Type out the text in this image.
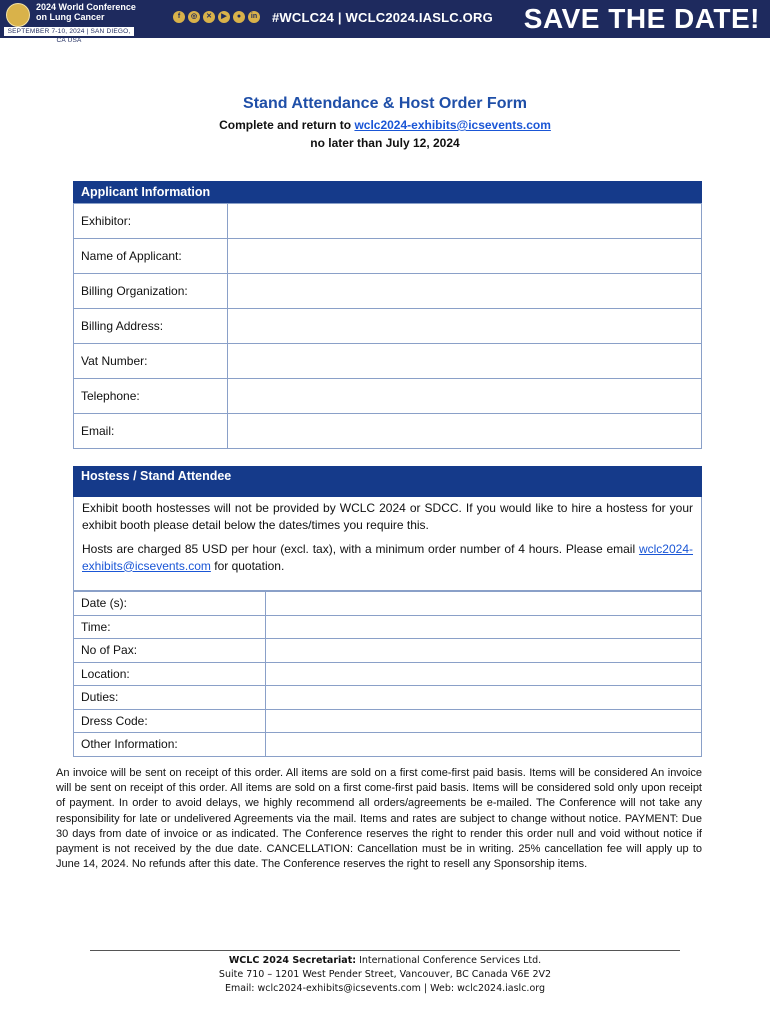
2024 World Conference
on Lung Cancer
SEPTEMBER 7-10, 2024 | SAN DIEGO, CA USA
f	◎	✕	▶	●	in #WCLC24 | WCLC2024.IASLC.ORG SAVE THE DATE!
Stand Attendance & Host Order Form
Complete and return to wclc2024-exhibits@icsevents.com
no later than July 12, 2024
Applicant Information
Exhibitor:	
Name of Applicant:	
Billing Organization:	
Billing Address:	
Vat Number:	
Telephone:	
Email:	
Hostess / Stand Attendee

Exhibit booth hostesses will not be provided by WCLC 2024 or SDCC. If you would like to hire a hostess for your exhibit booth please detail below the dates/times you require this.

Hosts are charged 85 USD per hour (excl. tax), with a minimum order number of 4 hours. Please email wclc2024-exhibits@icsevents.com for quotation.

Date (s):	
Time:	
No of Pax:	
Location:	
Duties:	
Dress Code:	
Other Information:	
An invoice will be sent on receipt of this order. All items are sold on a first come-first paid basis. Items will be considered An invoice will be sent on receipt of this order. All items are sold on a first come-first paid basis. Items will be considered sold only upon receipt of payment. In order to avoid delays, we highly recommend all orders/agreements be e-mailed. The Conference will not take any responsibility for late or undelivered Agreements via the mail. Items and rates are subject to change without notice. PAYMENT: Due 30 days from date of invoice or as indicated. The Conference reserves the right to render this order null and void without notice if payment is not received by the due date. CANCELLATION: Cancellation must be in writing. 25% cancellation fee will apply up to June 14, 2024. No refunds after this date. The Conference reserves the right to resell any Sponsorship items.
WCLC 2024 Secretariat: International Conference Services Ltd.
Suite 710 – 1201 West Pender Street, Vancouver, BC Canada V6E 2V2
Email: wclc2024-exhibits@icsevents.com | Web: wclc2024.iaslc.org
